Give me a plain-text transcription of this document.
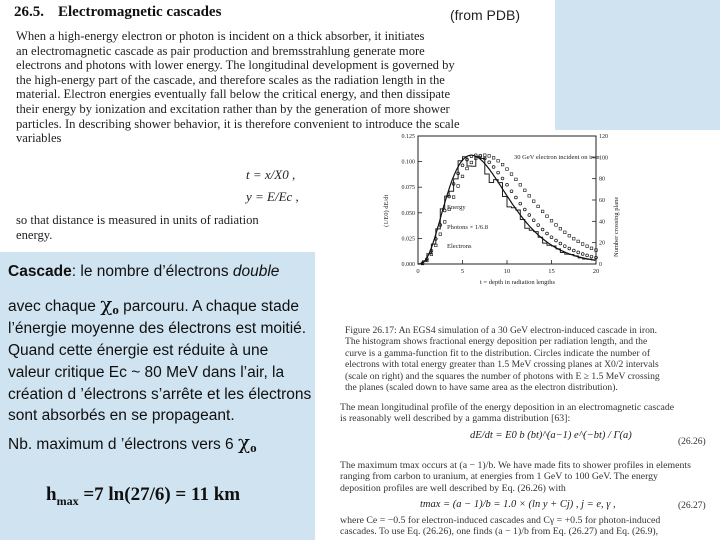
(from PDB)
26.5. Electromagnetic cascades
When a high-energy electron or photon is incident on a thick absorber, it initiates
an electromagnetic cascade as pair production and bremsstrahlung generate more
electrons and photons with lower energy. The longitudinal development is governed by
the high-energy part of the cascade, and therefore scales as the radiation length in the
material. Electron energies eventually fall below the critical energy, and then dissipate
their energy by ionization and excitation rather than by the generation of more shower
particles. In describing shower behavior, it is therefore convenient to introduce the scale
variables
t = x/X0 ,
y = E/Ec ,
so that distance is measured in units of radiation
energy.
0.000
0.025
0.050
0.075
0.100
0.125
0
20
40
60
80
100
120
0	5	10	15	20
30 GeV electron incident on iron
Energy
Photons × 1/6.8
Electrons
t = depth in radiation lengths
(1/E0) dE/dt	Number crossing plane
Figure 26.17: An EGS4 simulation of a 30 GeV electron-induced cascade in iron.
The histogram shows fractional energy deposition per radiation length, and the
curve is a gamma-function fit to the distribution. Circles indicate the number of
electrons with total energy greater than 1.5 MeV crossing planes at X0/2 intervals
(scale on right) and the squares the number of photons with E ≥ 1.5 MeV crossing
the planes (scaled down to have same area as the electron distribution).
The mean longitudinal profile of the energy deposition in an electromagnetic cascade
is reasonably well described by a gamma distribution [63]:
dE/dt = E0 b (bt)^(a−1) e^(−bt) / Γ(a)
(26.26)
The maximum tmax occurs at (a − 1)/b. We have made fits to shower profiles in elements
ranging from carbon to uranium, at energies from 1 GeV to 100 GeV. The energy
deposition profiles are well described by Eq. (26.26) with
tmax = (a − 1)/b = 1.0 × (ln y + Cj) , j = e, γ ,	(26.27)
where Ce = −0.5 for electron-induced cascades and Cγ = +0.5 for photon-induced
cascades. To use Eq. (26.26), one finds (a − 1)/b from Eq. (26.27) and Eq. (26.9),
Cascade: le nombre d’électrons double
avec chaque χo parcouru. A chaque stade
l’énergie moyenne des électrons est moitié.
Quand cette énergie est réduite à une
valeur critique Ec ~ 80 MeV dans l’air, la
création d ’électrons s’arrête et les électrons
sont absorbés en se propageant.
Nb. maximum d ’électrons vers 6 χo
$h_{max} =7$ ln(27/6) = 11 km
